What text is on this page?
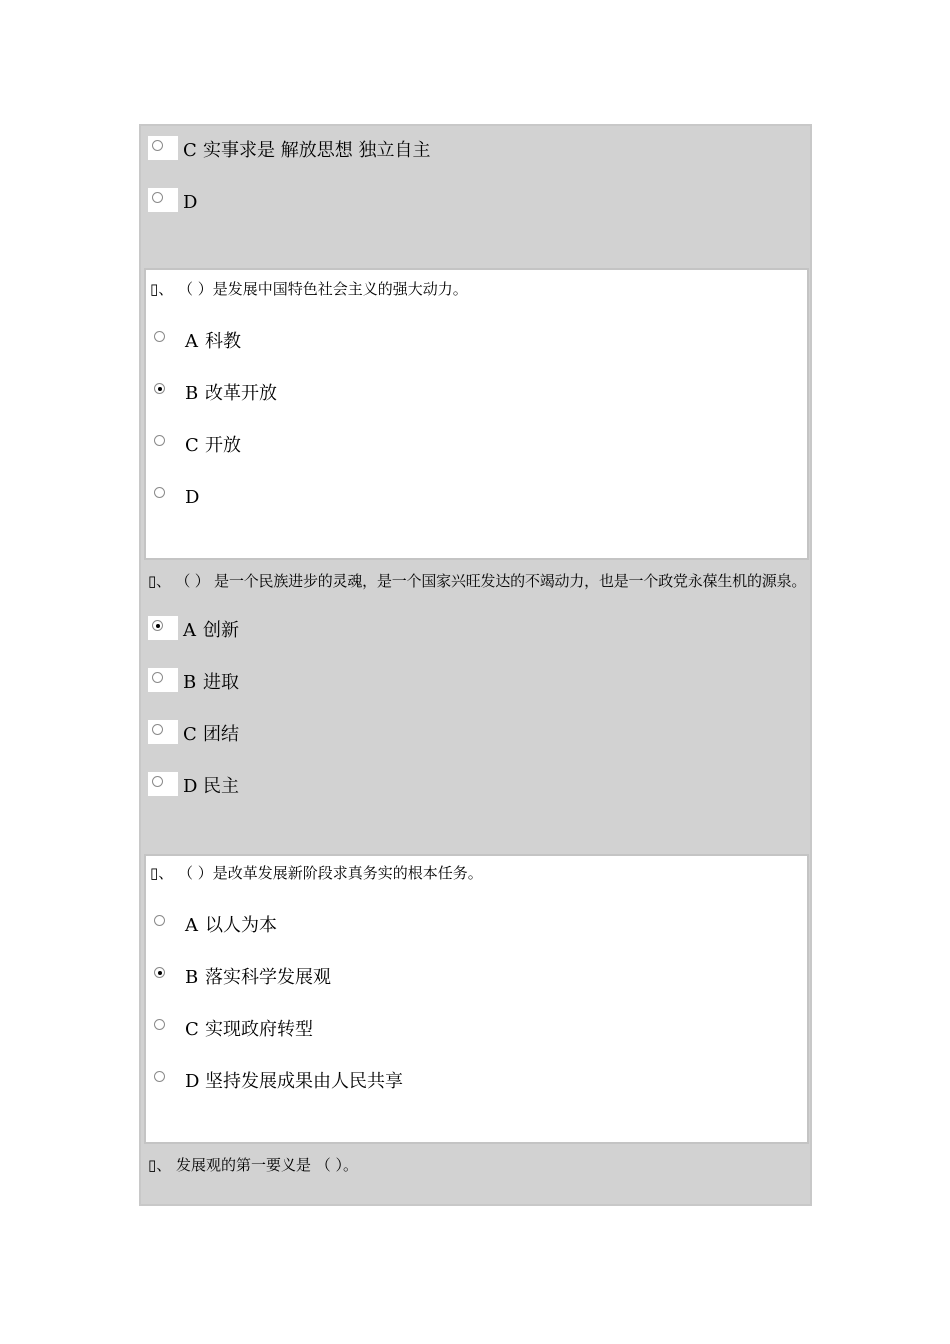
C 实事求是 解放思想 独立自主
D
▯、 （ ）是发展中国特色社会主义的强大动力。
A 科教
B 改革开放
C 开放
D
▯、 （ ） 是一个民族进步的灵魂，是一个国家兴旺发达的不竭动力，也是一个政党永葆生机的源泉。
A 创新
B 进取
C 团结
D 民主
▯、 （ ）是改革发展新阶段求真务实的根本任务。
A 以人为本
B 落实科学发展观
C 实现政府转型
D 坚持发展成果由人民共享
▯、 发展观的第一要义是 （ ）。
